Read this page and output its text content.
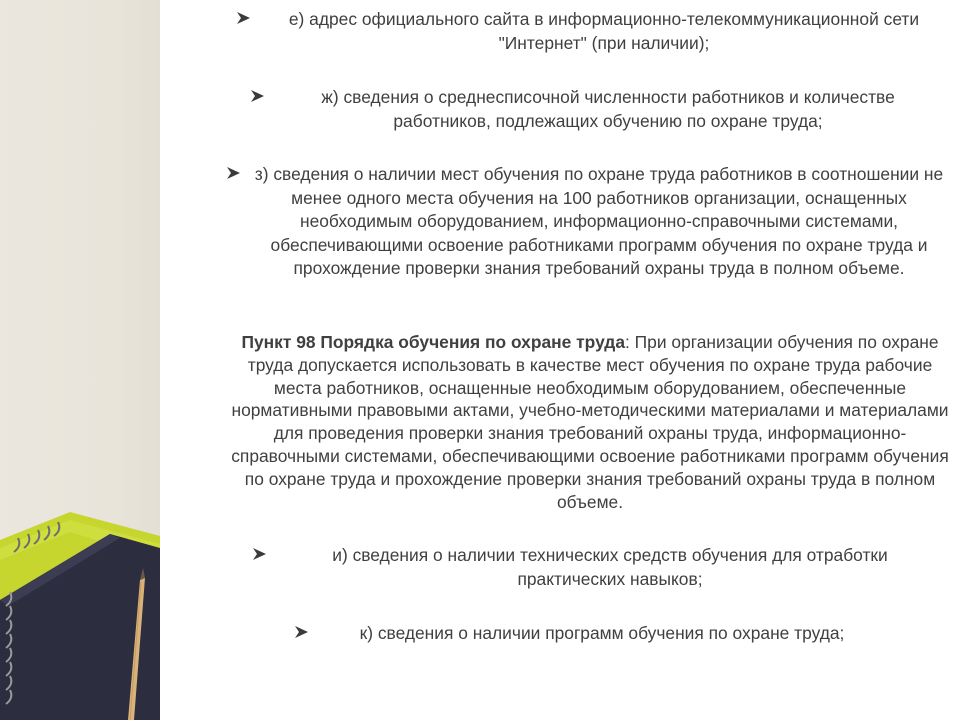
е) адрес официального сайта в информационно-телекоммуникационной сети "Интернет" (при наличии);
ж) сведения о среднесписочной численности работников и количестве работников, подлежащих обучению по охране труда;
з) сведения о наличии мест обучения по охране труда работников в соотношении не менее одного места обучения на 100 работников организации, оснащенных необходимым оборудованием, информационно-справочными системами, обеспечивающими освоение работниками программ обучения по охране труда и прохождение проверки знания требований охраны труда в полном объеме.
Пункт 98 Порядка обучения по охране труда: При организации обучения по охране труда допускается использовать в качестве мест обучения по охране труда рабочие места работников, оснащенные необходимым оборудованием, обеспеченные нормативными правовыми актами, учебно-методическими материалами и материалами для проведения проверки знания требований охраны труда, информационно-справочными системами, обеспечивающими освоение работниками программ обучения по охране труда и прохождение проверки знания требований охраны труда в полном объеме.
и) сведения о наличии технических средств обучения для отработки практических навыков;
к) сведения о наличии программ обучения по охране труда;
